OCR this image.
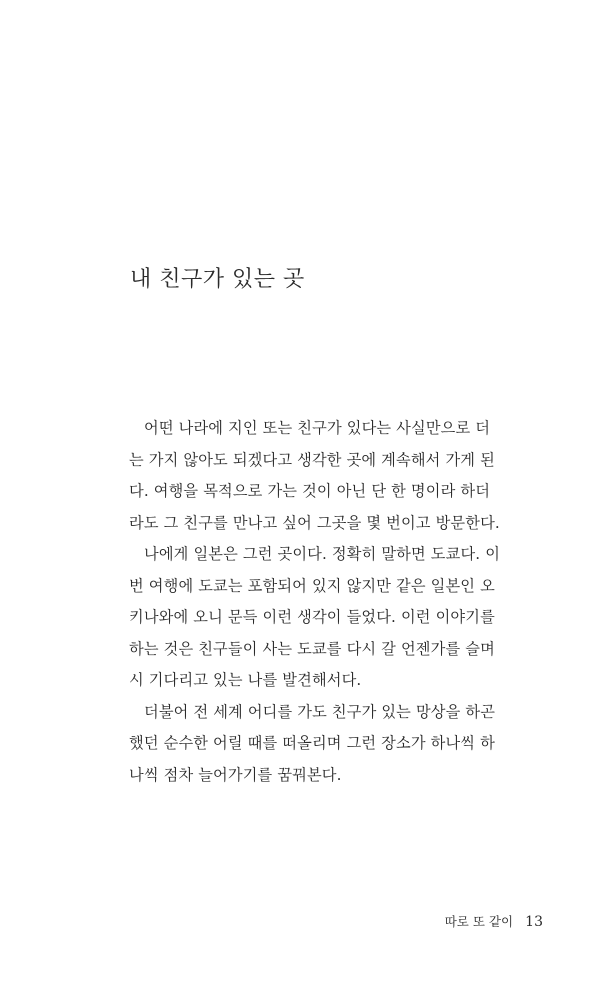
내 친구가 있는 곳
어떤 나라에 지인 또는 친구가 있다는 사실만으로 더
는 가지 않아도 되겠다고 생각한 곳에 계속해서 가게 된
다. 여행을 목적으로 가는 것이 아닌 단 한 명이라 하더
라도 그 친구를 만나고 싶어 그곳을 몇 번이고 방문한다.
나에게 일본은 그런 곳이다. 정확히 말하면 도쿄다. 이
번 여행에 도쿄는 포함되어 있지 않지만 같은 일본인 오
키나와에 오니 문득 이런 생각이 들었다. 이런 이야기를
하는 것은 친구들이 사는 도쿄를 다시 갈 언젠가를 슬며
시 기다리고 있는 나를 발견해서다.
더불어 전 세계 어디를 가도 친구가 있는 망상을 하곤
했던 순수한 어릴 때를 떠올리며 그런 장소가 하나씩 하
나씩 점차 늘어가기를 꿈꿔본다.
따로 또 같이 13
